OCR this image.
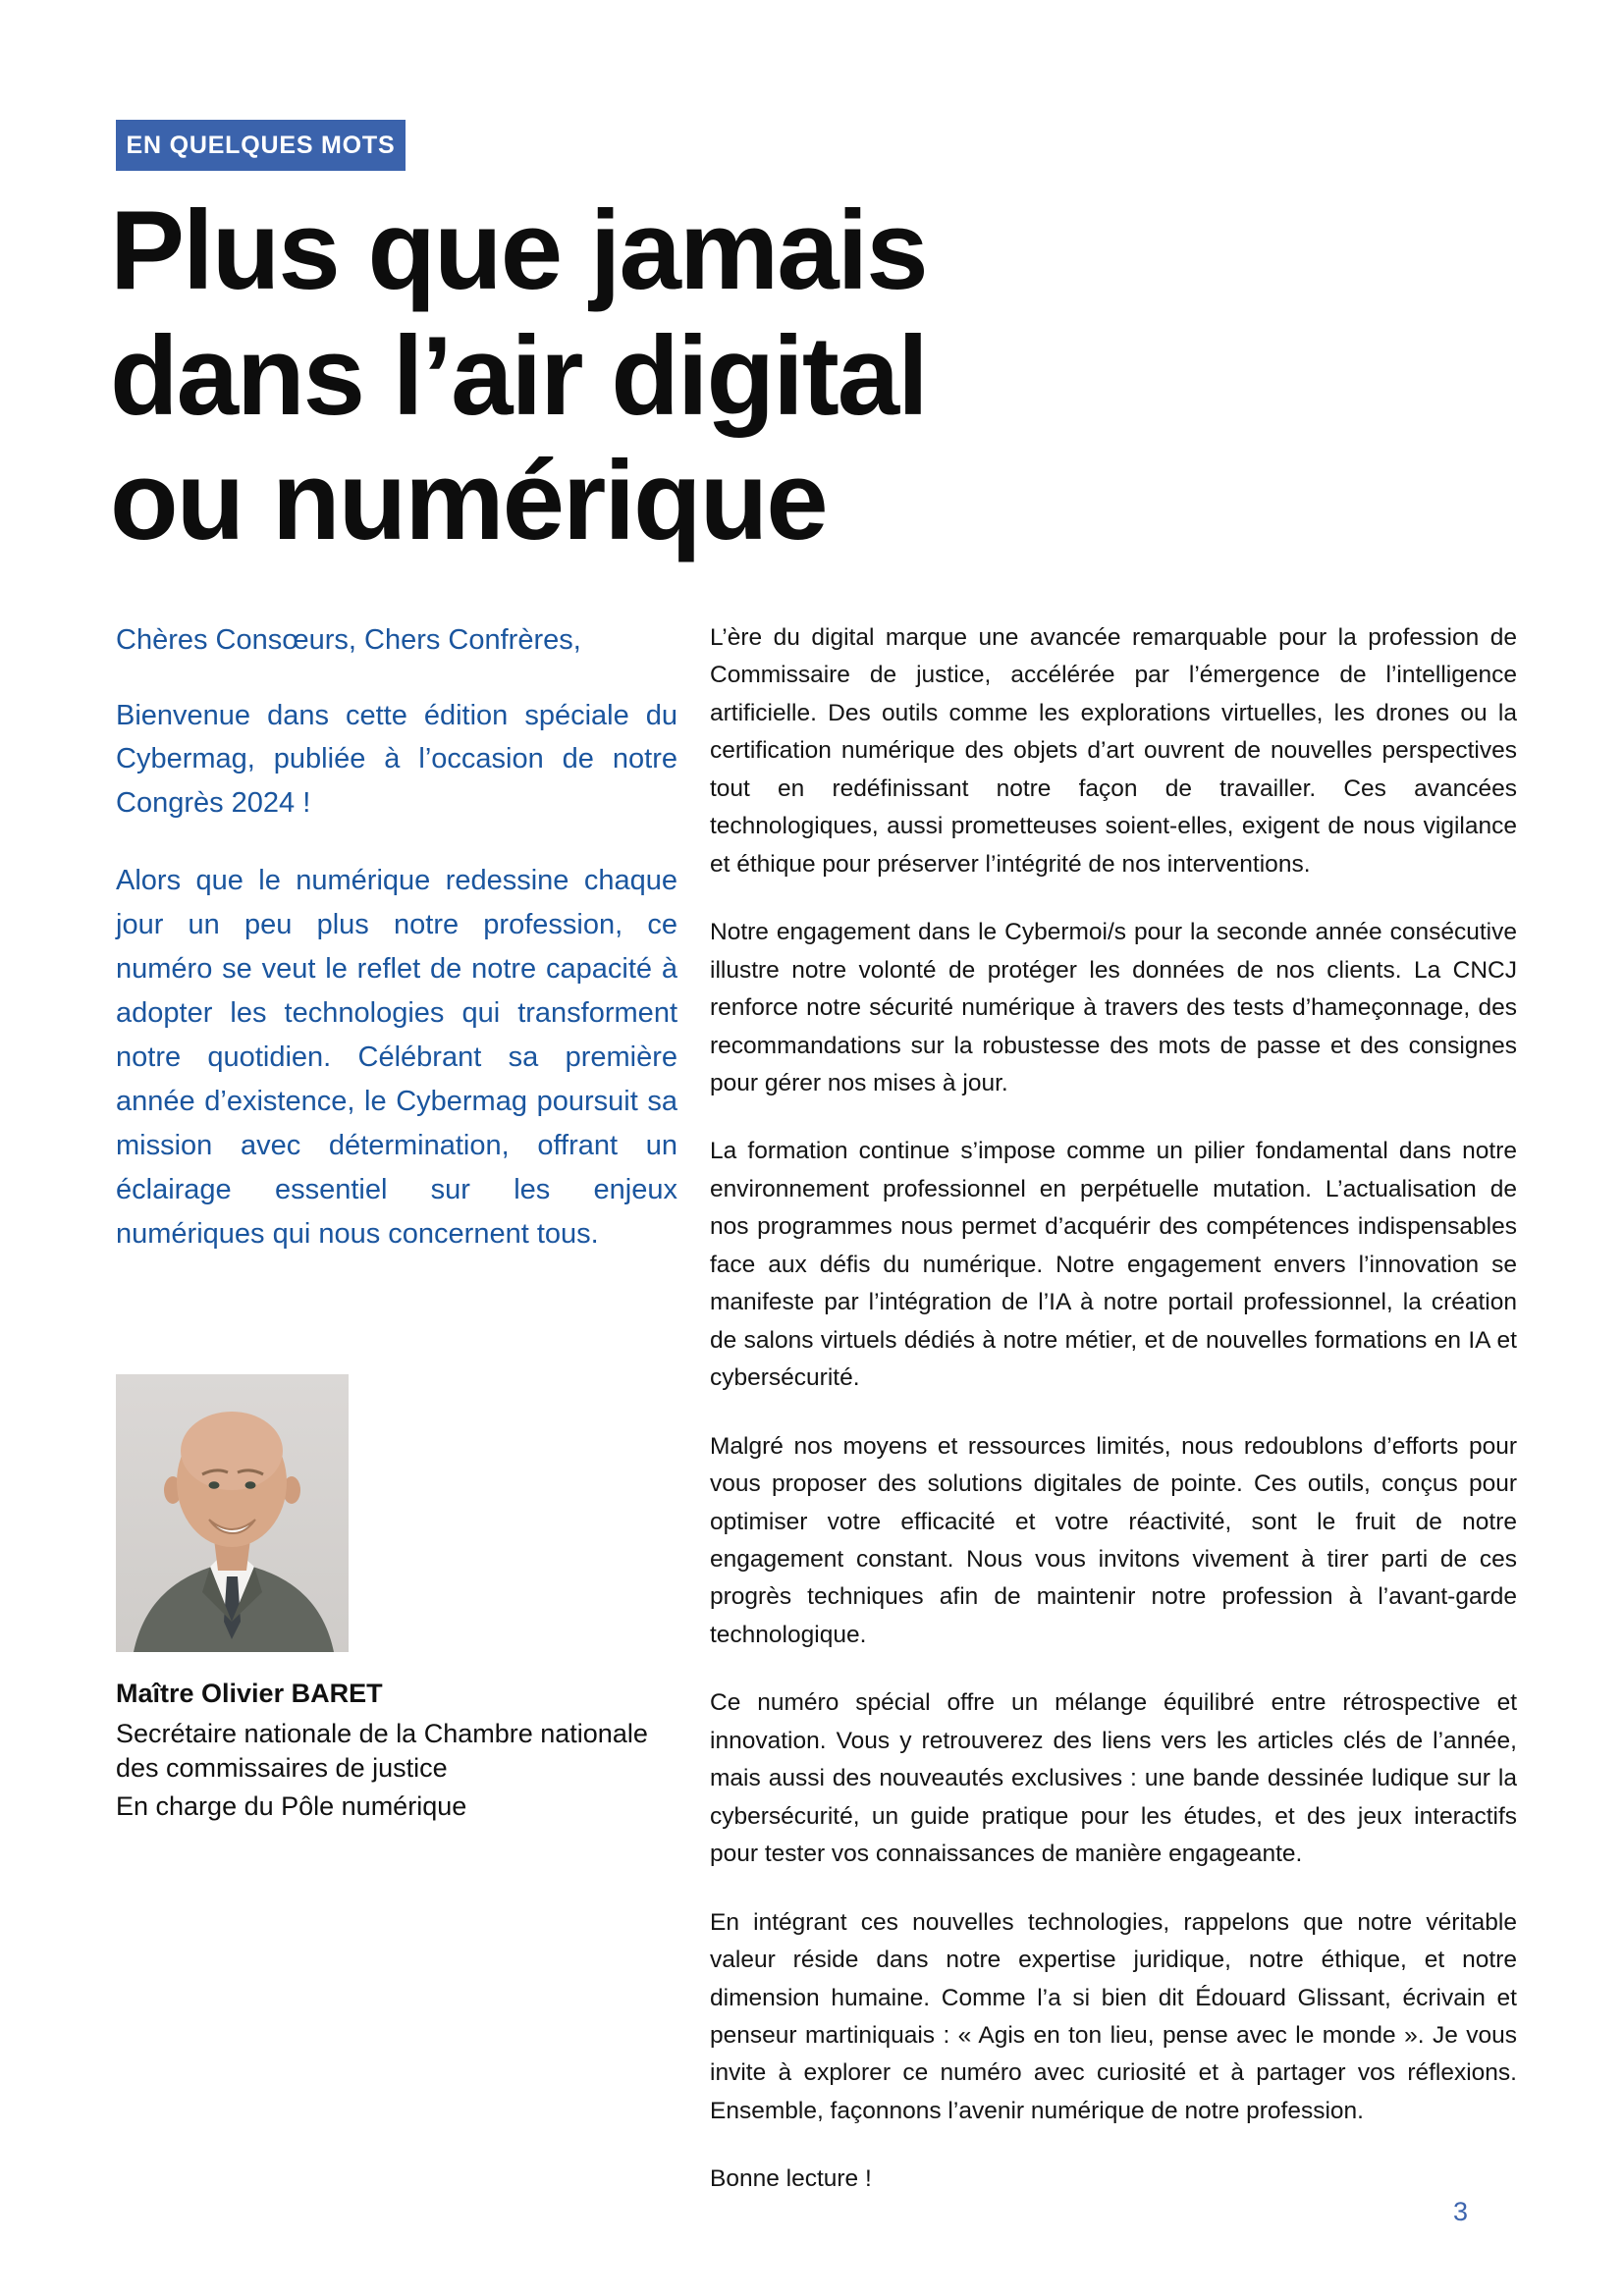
EN QUELQUES MOTS
Plus que jamais
dans l’air digital
ou numérique

Chères Consœurs, Chers Confrères,

Bienvenue dans cette édition spéciale du Cybermag, publiée à l’occasion de notre Congrès 2024 !

Alors que le numérique redessine chaque jour un peu plus notre profession, ce numéro se veut le reflet de notre capacité à adopter les technologies qui transforment notre quotidien. Célébrant sa première année d’existence, le Cybermag poursuit sa mission avec détermination, offrant un éclairage essentiel sur les enjeux numériques qui nous concernent tous.

Maître Olivier BARET

Secrétaire nationale de la Chambre nationale des commissaires de justice

En charge du Pôle numérique

L’ère du digital marque une avancée remarquable pour la profession de Commissaire de justice, accélérée par l’émergence de l’intelligence artificielle. Des outils comme les explorations virtuelles, les drones ou la certification numérique des objets d’art ouvrent de nouvelles perspectives tout en redéfinissant notre façon de travailler. Ces avancées technologiques, aussi prometteuses soient-elles, exigent de nous vigilance et éthique pour préserver l’intégrité de nos interventions.

Notre engagement dans le Cybermoi/s pour la seconde année consécutive illustre notre volonté de protéger les données de nos clients. La CNCJ renforce notre sécurité numérique à travers des tests d’hameçonnage, des recommandations sur la robustesse des mots de passe et des consignes pour gérer nos mises à jour.

La formation continue s’impose comme un pilier fondamental dans notre environnement professionnel en perpétuelle mutation. L’actualisation de nos programmes nous permet d’acquérir des compétences indispensables face aux défis du numérique. Notre engagement envers l’innovation se manifeste par l’intégration de l’IA à notre portail professionnel, la création de salons virtuels dédiés à notre métier, et de nouvelles formations en IA et cybersécurité.

Malgré nos moyens et ressources limités, nous redoublons d’efforts pour vous proposer des solutions digitales de pointe. Ces outils, conçus pour optimiser votre efficacité et votre réactivité, sont le fruit de notre engagement constant. Nous vous invitons vivement à tirer parti de ces progrès techniques afin de maintenir notre profession à l’avant-garde technologique.

Ce numéro spécial offre un mélange équilibré entre rétrospective et innovation. Vous y retrouverez des liens vers les articles clés de l’année, mais aussi des nouveautés exclusives : une bande dessinée ludique sur la cybersécurité, un guide pratique pour les études, et des jeux interactifs pour tester vos connaissances de manière engageante.

En intégrant ces nouvelles technologies, rappelons que notre véritable valeur réside dans notre expertise juridique, notre éthique, et notre dimension humaine. Comme l’a si bien dit Édouard Glissant, écrivain et penseur martiniquais : « Agis en ton lieu, pense avec le monde ». Je vous invite à explorer ce numéro avec curiosité et à partager vos réflexions. Ensemble, façonnons l’avenir numérique de notre profession.

Bonne lecture !

3
